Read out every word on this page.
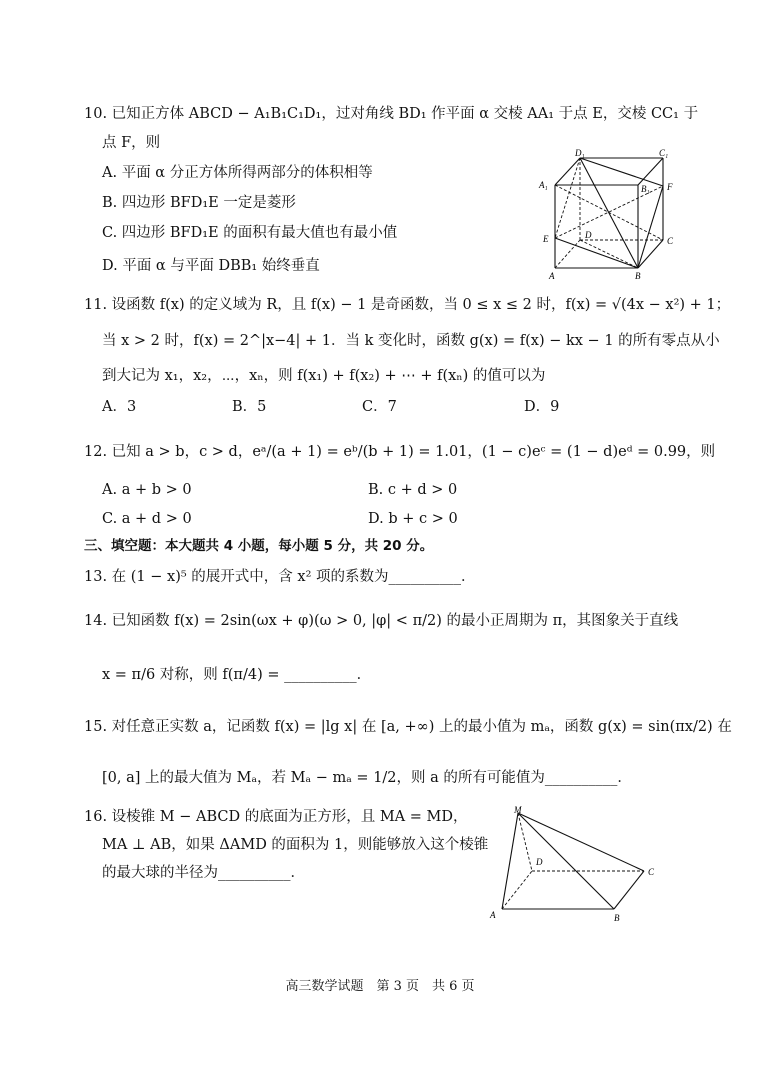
10. 已知正方体 ABCD − A₁B₁C₁D₁，过对角线 BD₁ 作平面 α 交棱 AA₁ 于点 E，交棱 CC₁ 于
点 F，则
A. 平面 α 分正方体所得两部分的体积相等
B. 四边形 BFD₁E 一定是菱形
C. 四边形 BFD₁E 的面积有最大值也有最小值
D. 平面 α 与平面 DBB₁ 始终垂直
D₁	C₁
A₁	B₁ F
E	D
C
A	B
11. 设函数 f(x) 的定义域为 R，且 f(x) − 1 是奇函数，当 0 ≤ x ≤ 2 时，f(x) = √(4x − x²) + 1；
当 x > 2 时，f(x) = 2^|x−4| + 1．当 k 变化时，函数 g(x) = f(x) − kx − 1 的所有零点从小
到大记为 x₁，x₂，⋯，xₙ，则 f(x₁) + f(x₂) + ⋯ + f(xₙ) 的值可以为
A．3	B．5	C．7	D．9
12. 已知 a > b，c > d，eᵃ/(a + 1) = eᵇ/(b + 1) = 1.01，(1 − c)eᶜ = (1 − d)eᵈ = 0.99，则
A. a + b > 0	B. c + d > 0
C. a + d > 0	D. b + c > 0
三、填空题：本大题共 4 小题，每小题 5 分，共 20 分。
13. 在 (1 − x)⁵ 的展开式中，含 x² 项的系数为__________．
14. 已知函数 f(x) = 2sin(ωx + φ)(ω > 0, |φ| < π/2) 的最小正周期为 π，其图象关于直线
x = π/6 对称，则 f(π/4) = __________．
15. 对任意正实数 a，记函数 f(x) = |lg x| 在 [a, +∞) 上的最小值为 mₐ，函数 g(x) = sin(πx/2) 在
[0, a] 上的最大值为 Mₐ，若 Mₐ − mₐ = 1/2，则 a 的所有可能值为__________．
16. 设棱锥 M − ABCD 的底面为正方形，且 MA = MD，
MA ⊥ AB，如果 ΔAMD 的面积为 1，则能够放入这个棱锥
的最大球的半径为__________．
M
D
C
A	B
高三数学试题　第 3 页　共 6 页
